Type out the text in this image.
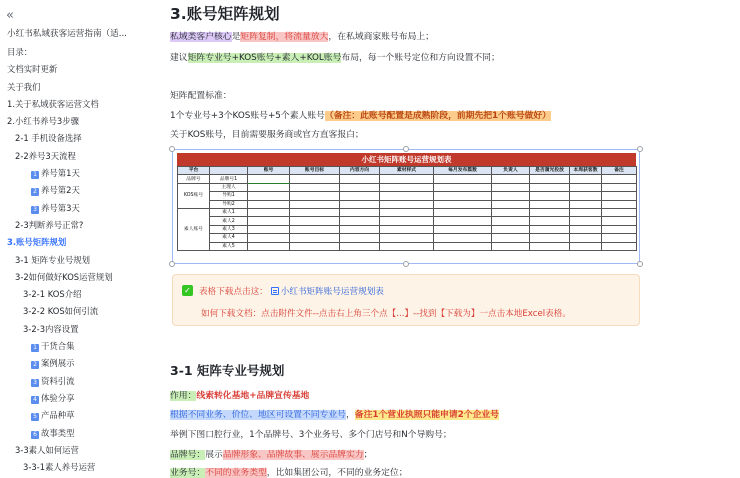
«
小红书私域获客运营指南（适...
目录：
文档实时更新
关于我们
1.关于私域获客运营文档
2.小红书养号3步骤
2-1 手机设备选择
2-2养号3天流程
1 养号第1天
2 养号第2天
3 养号第3天
2-3判断养号正常?
3.账号矩阵规划
3-1 矩阵专业号规划
3-2如何做好KOS运营规划
3-2-1 KOS介绍
3-2-2 KOS如何引流
3-2-3内容设置
1 干货合集
2 案例展示
3 资料引流
4 体验分享
5 产品种草
6 故事类型
3-3素人如何运营
3-3-1素人养号运营
3.账号矩阵规划
私域类客户核心是矩阵复制，将流量放大，在私域商家账号布局上；
建议矩阵专业号+KOS账号+素人+KOL账号布局，每一个账号定位和方向设置不同；
矩阵配置标准：
1个专业号+3个KOS账号+5个素人账号（备注：此账号配置是成熟阶段，前期先把1个账号做好）
关于KOS账号，目前需要服务商或官方直客报白；
小红书矩阵账号运营规划表
平台		账号	账号目标	内容方向	素材样式	每月发布篇数	负责人	是否蒲光投放	本周获客数	备注
品牌号	品牌号1									
KOS账号	主理人									
	导购1									
	导购2									
素人账号	素人1									
	素人2									
	素人3									
	素人4									
	素人5									
✓ 表格下载点击这： 小红书矩阵账号运营规划表
如何下载文档：点击附件文件--点击右上角三个点【...】--找到【下载为】一点击本地Excel表格。
3-1 矩阵专业号规划
作用：线索转化基地+品牌宣传基地
根据不同业务、价位、地区可设置不同专业号，备注1个营业执照只能申请2个企业号
举例下图口腔行业，1个品牌号、3个业务号、多个门店号和N个导购号；
品牌号：展示品牌形象、品牌故事、展示品牌实力；
业务号：不同的业务类型，比如集团公司，不同的业务定位；
